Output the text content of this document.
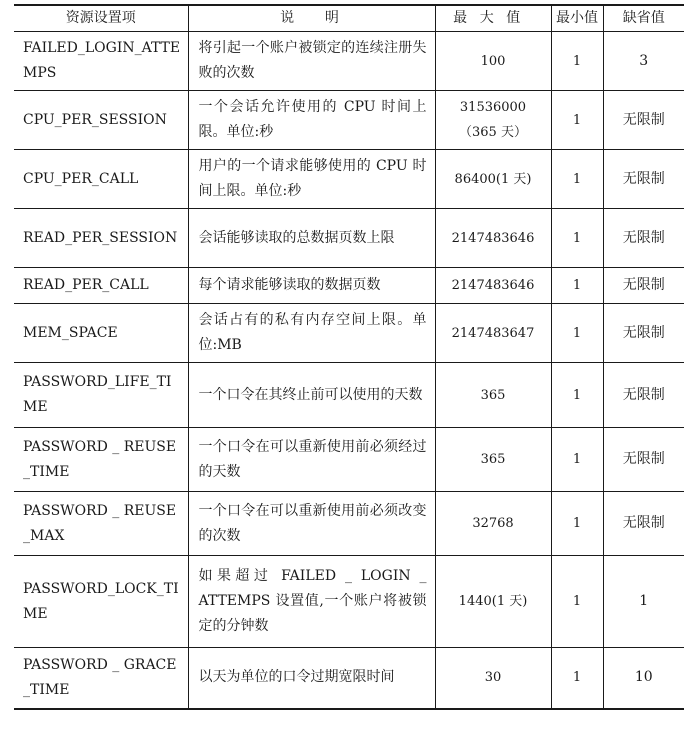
资源设置项	说明	最大值	最小值	缺省值
FAILED_LOGIN_ATTEMPS	将引起一个账户被锁定的连续注册失败的次数	100	1	3
CPU_PER_SESSION	一个会话允许使用的 CPU 时间上限。单位:秒	31536000（365 天）	1	无限制
CPU_PER_CALL	用户的一个请求能够使用的 CPU 时间上限。单位:秒	86400(1 天)	1	无限制
READ_PER_SESSION	会话能够读取的总数据页数上限	2147483646	1	无限制
READ_PER_CALL	每个请求能够读取的数据页数	2147483646	1	无限制
MEM_SPACE	会话占有的私有内存空间上限。单位:MB	2147483647	1	无限制
PASSWORD_LIFE_TIME	一个口令在其终止前可以使用的天数	365	1	无限制
PASSWORD _ REUSE _TIME	一个口令在可以重新使用前必须经过的天数	365	1	无限制
PASSWORD _ REUSE _MAX	一个口令在可以重新使用前必须改变的次数	32768	1	无限制
PASSWORD_LOCK_TIME	如果超过 FAILED _ LOGIN _ ATTEMPS 设置值,一个账户将被锁定的分钟数	1440(1 天)	1	1
PASSWORD _ GRACE _TIME	以天为单位的口令过期宽限时间	30	1	10
